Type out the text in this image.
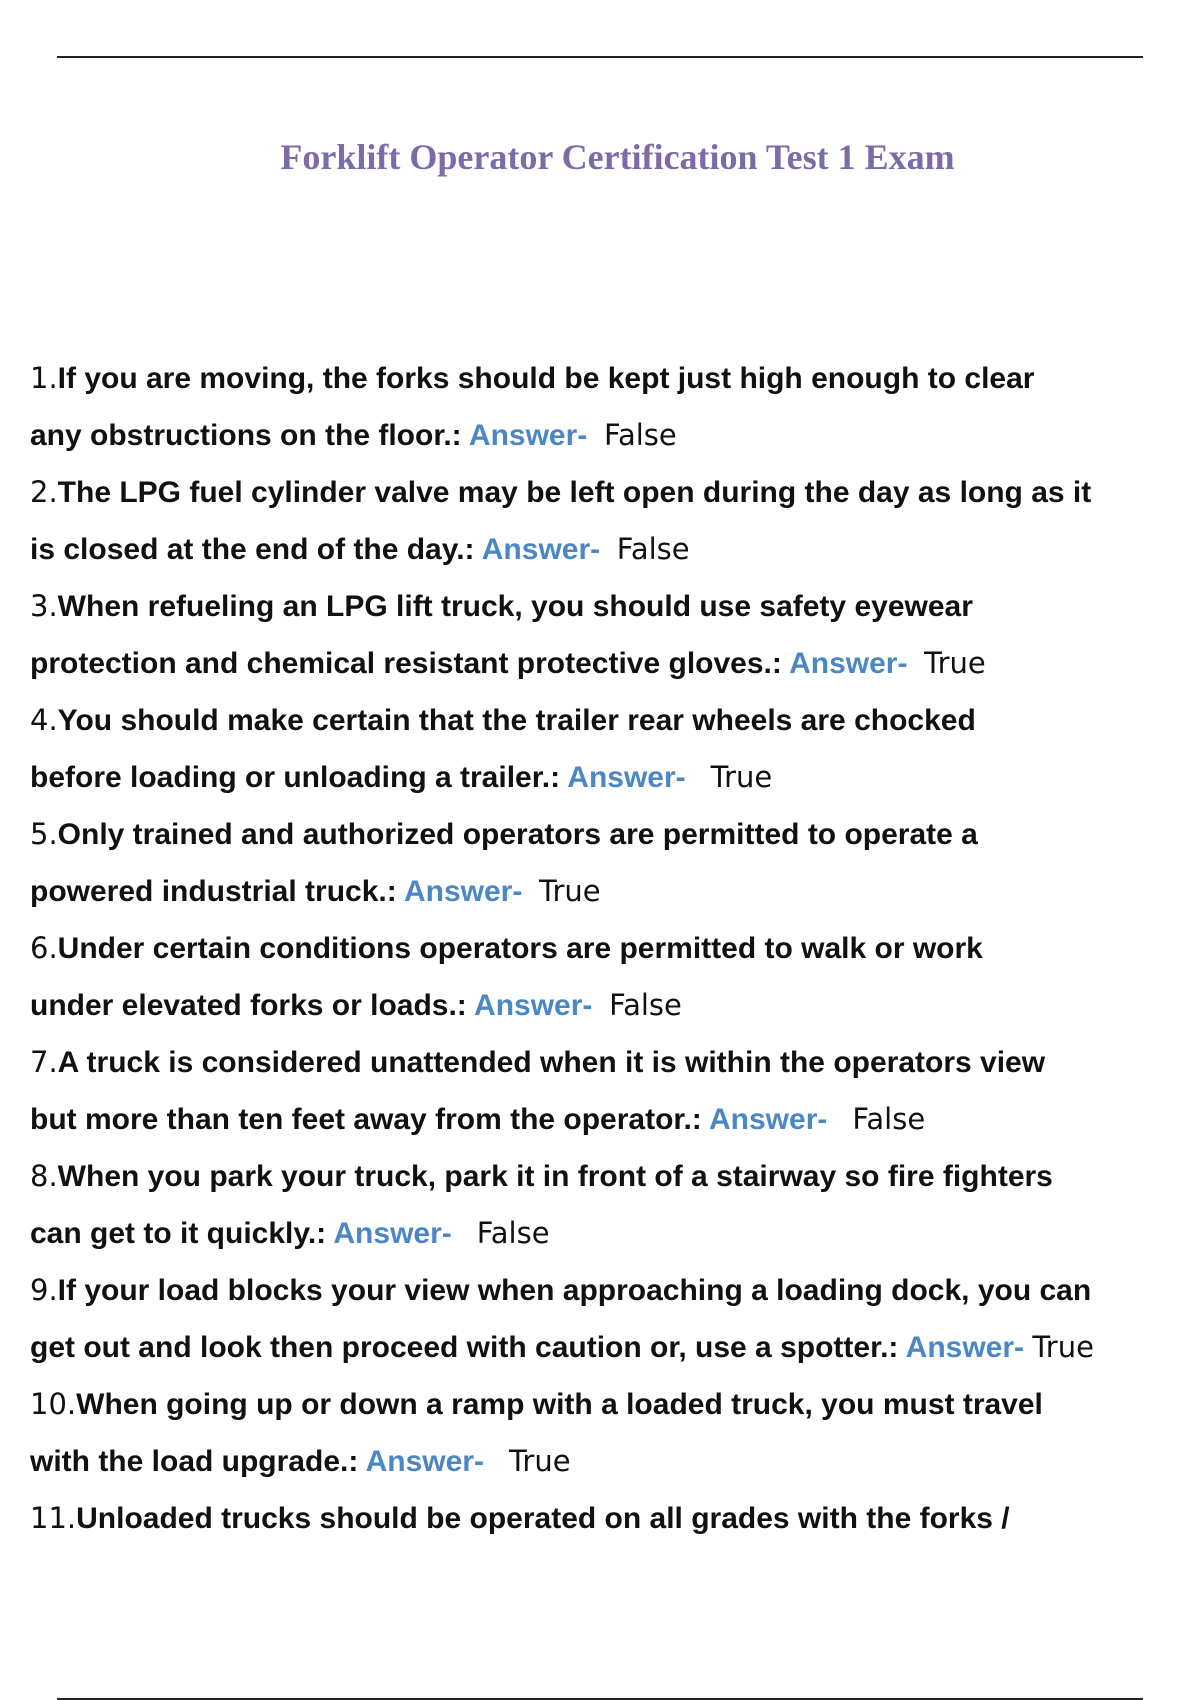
Forklift Operator Certification Test 1 Exam
1.If you are moving, the forks should be kept just high enough to clear
any obstructions on the floor.: Answer- False
2.The LPG fuel cylinder valve may be left open during the day as long as it
is closed at the end of the day.: Answer- False
3.When refueling an LPG lift truck, you should use safety eyewear
protection and chemical resistant protective gloves.: Answer- True
4.You should make certain that the trailer rear wheels are chocked
before loading or unloading a trailer.: Answer- True
5.Only trained and authorized operators are permitted to operate a
powered industrial truck.: Answer- True
6.Under certain conditions operators are permitted to walk or work
under elevated forks or loads.: Answer- False
7.A truck is considered unattended when it is within the operators view
but more than ten feet away from the operator.: Answer- False
8.When you park your truck, park it in front of a stairway so fire fighters
can get to it quickly.: Answer- False
9.If your load blocks your view when approaching a loading dock, you can
get out and look then proceed with caution or, use a spotter.: Answer- True
10.When going up or down a ramp with a loaded truck, you must travel
with the load upgrade.: Answer- True
11.Unloaded trucks should be operated on all grades with the forks /
